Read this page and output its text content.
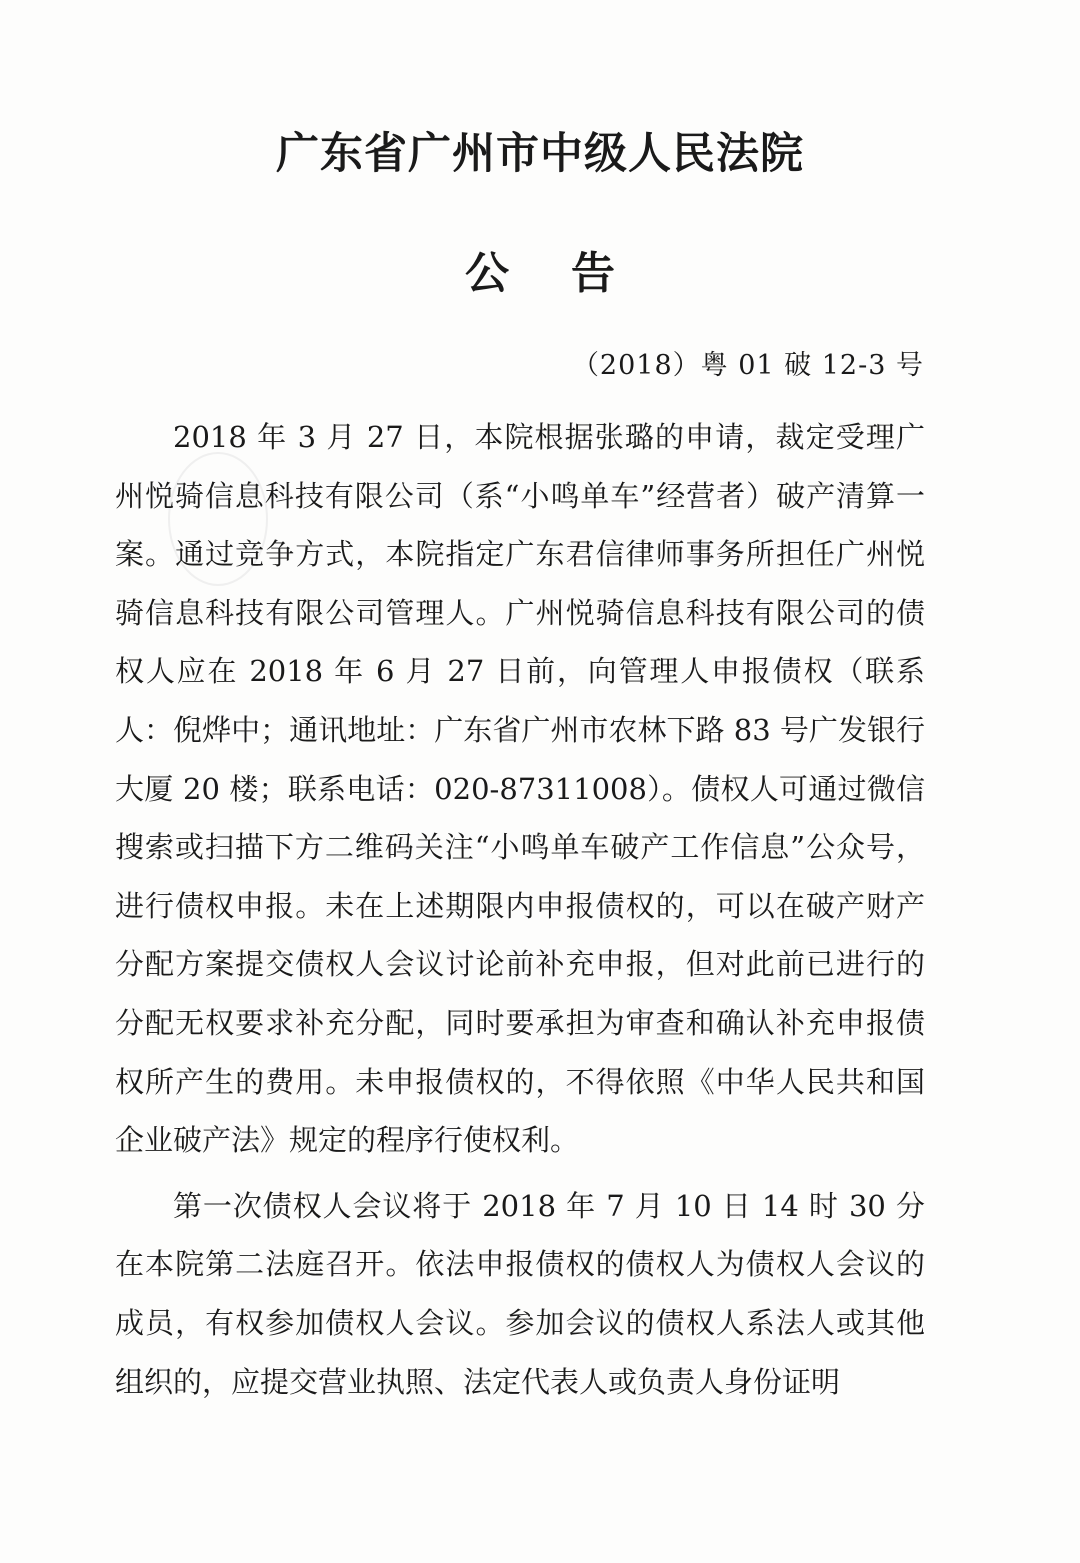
广东省广州市中级人民法院
公 告
（2018）粤 01 破 12-3 号

2018 年 3 月 27 日，本院根据张璐的申请，裁定受理广州悦骑信息科技有限公司（系“小鸣单车”经营者）破产清算一案。通过竞争方式，本院指定广东君信律师事务所担任广州悦骑信息科技有限公司管理人。广州悦骑信息科技有限公司的债权人应在 2018 年 6 月 27 日前，向管理人申报债权（联系人：倪烨中；通讯地址：广东省广州市农林下路 83 号广发银行大厦 20 楼；联系电话：020-87311008）。债权人可通过微信搜索或扫描下方二维码关注“小鸣单车破产工作信息”公众号，进行债权申报。未在上述期限内申报债权的，可以在破产财产分配方案提交债权人会议讨论前补充申报，但对此前已进行的分配无权要求补充分配，同时要承担为审查和确认补充申报债权所产生的费用。未申报债权的，不得依照《中华人民共和国企业破产法》规定的程序行使权利。

第一次债权人会议将于 2018 年 7 月 10 日 14 时 30 分在本院第二法庭召开。依法申报债权的债权人为债权人会议的成员，有权参加债权人会议。参加会议的债权人系法人或其他组织的，应提交营业执照、法定代表人或负责人身份证明
